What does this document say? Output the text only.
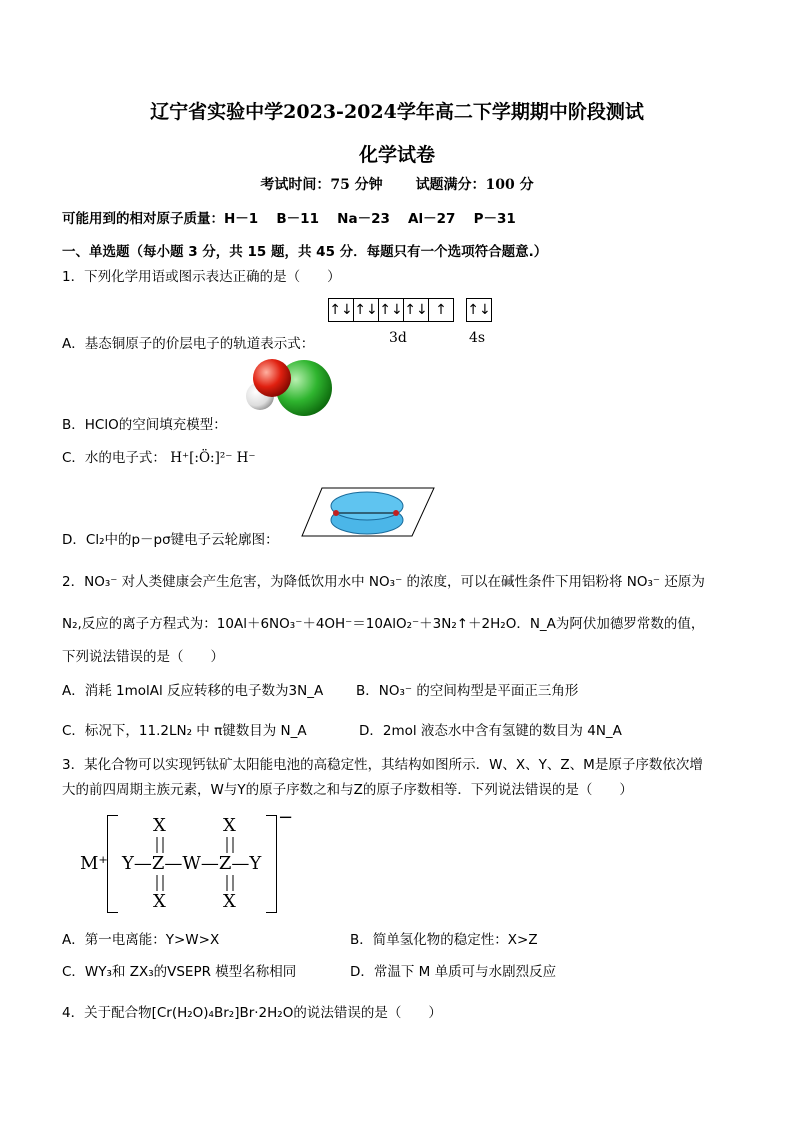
辽宁省实验中学2023-2024学年高二下学期期中阶段测试
化学试卷
考试时间：75 分钟 试题满分：100 分
可能用到的相对原子质量：H－1　 B－11　 Na－23　 Al－27　 P－31
一、单选题（每小题 3 分，共 15 题，共 45 分．每题只有一个选项符合题意.）
1．下列化学用语或图示表达正确的是（　　）
↑↓ ↑↓ ↑↓ ↑↓ ↑	↑↓
3d	4s
A．基态铜原子的价层电子的轨道表示式：
B．HClO的空间填充模型：
C．水的电子式： H⁺[:Ö:]²⁻ H⁻
D．Cl₂中的p－pσ键电子云轮廓图：
2．NO₃⁻ 对人类健康会产生危害，为降低饮用水中 NO₃⁻ 的浓度，可以在碱性条件下用铝粉将 NO₃⁻ 还原为
N₂,反应的离子方程式为：10Al＋6NO₃⁻＋4OH⁻＝10AlO₂⁻＋3N₂↑＋2H₂O．N_A为阿伏加德罗常数的值，
下列说法错误的是（　　）
A．消耗 1molAl 反应转移的电子数为3N_A B．NO₃⁻ 的空间构型是平面正三角形
C．标况下，11.2LN₂ 中 π键数目为 N_A	D．2mol 液态水中含有氢键的数目为 4N_A
3．某化合物可以实现钙钛矿太阳能电池的高稳定性，其结构如图所示．W、X、Y、Z、M是原子序数依次增
大的前四周期主族元素，W与Y的原子序数之和与Z的原子序数相等．下列说法错误的是（　　）
M⁺
−
Y—Z—W—Z—Y
X	X
X	X
A．第一电离能：Y>W>X	B．简单氢化物的稳定性：X>Z
C．WY₃和 ZX₃的VSEPR 模型名称相同	D．常温下 M 单质可与水剧烈反应
4．关于配合物[Cr(H₂O)₄Br₂]Br·2H₂O的说法错误的是（　　）
